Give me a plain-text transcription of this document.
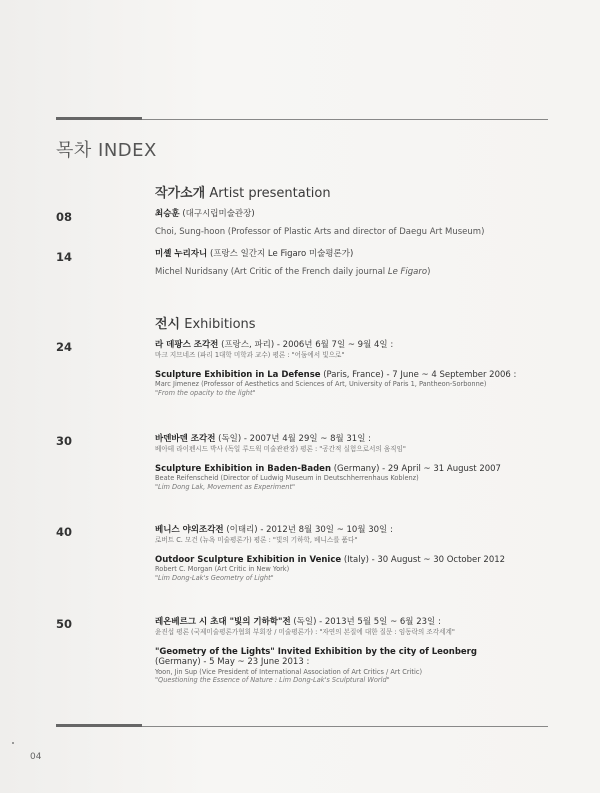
목차 INDEX
작가소개 Artist presentation
08	최승훈 (대구시립미술관장)
Choi, Sung-hoon (Professor of Plastic Arts and director of Daegu Art Museum)
14	미셸 누리자니 (프랑스 일간지 Le Figaro 미술평론가)
Michel Nuridsany (Art Critic of the French daily journal Le Figaro)
전시 Exhibitions
24	라 데팡스 조각전 (프랑스, 파리) - 2006년 6월 7일 ~ 9월 4일 :
마크 지므네즈 (파리 1대학 미학과 교수) 평론 : "어둠에서 빛으로"
Sculpture Exhibition in La Defense (Paris, France) - 7 June ~ 4 September 2006 :
Marc Jimenez (Professor of Aesthetics and Sciences of Art, University of Paris 1, Pantheon-Sorbonne)
"From the opacity to the light"
30	바덴바덴 조각전 (독일) - 2007년 4월 29일 ~ 8월 31일 :
베아테 라이펜시드 박사 (독일 루드윅 미술관관장) 평론 : "공간적 실험으로서의 움직임"
Sculpture Exhibition in Baden-Baden (Germany) - 29 April ~ 31 August 2007
Beate Reifenscheid (Director of Ludwig Museum in Deutschherrenhaus Koblenz)
"Lim Dong Lak, Movement as Experiment"
40	베니스 야외조각전 (이태리) - 2012년 8월 30일 ~ 10월 30일 :
로버트 C. 모건 (뉴욕 미술평론가) 평론 : "빛의 기하학, 베니스를 품다"
Outdoor Sculpture Exhibition in Venice (Italy) - 30 August ~ 30 October 2012
Robert C. Morgan (Art Critic in New York)
"Lim Dong-Lak's Geometry of Light"
50	레온베르그 시 초대 "빛의 기하학"전 (독일) - 2013년 5월 5일 ~ 6월 23일 :
윤진섭 평론 (국제미술평론가협회 부회장 / 미술평론가) : "자연의 본질에 대한 질문 : 임동락의 조각세계"
"Geometry of the Lights" Invited Exhibition by the city of Leonberg
(Germany) - 5 May ~ 23 June 2013 :
Yoon, Jin Sup (Vice President of International Association of Art Critics / Art Critic)
"Questioning the Essence of Nature : Lim Dong-Lak's Sculptural World"
04
